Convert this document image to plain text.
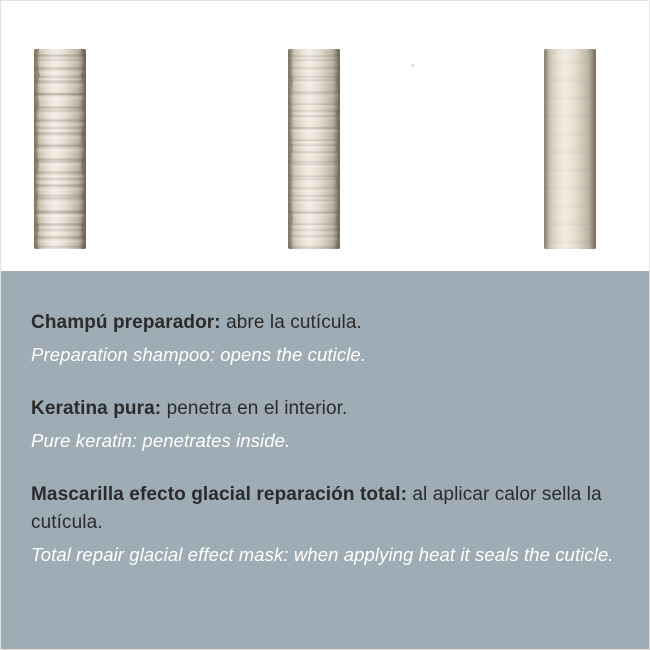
Champú preparador: abre la cutícula.
Preparation shampoo: opens the cuticle.
Keratina pura: penetra en el interior.
Pure keratin: penetrates inside.
Mascarilla efecto glacial reparación total: al aplicar calor sella la cutícula.
Total repair glacial effect mask: when applying heat it seals the cuticle.
